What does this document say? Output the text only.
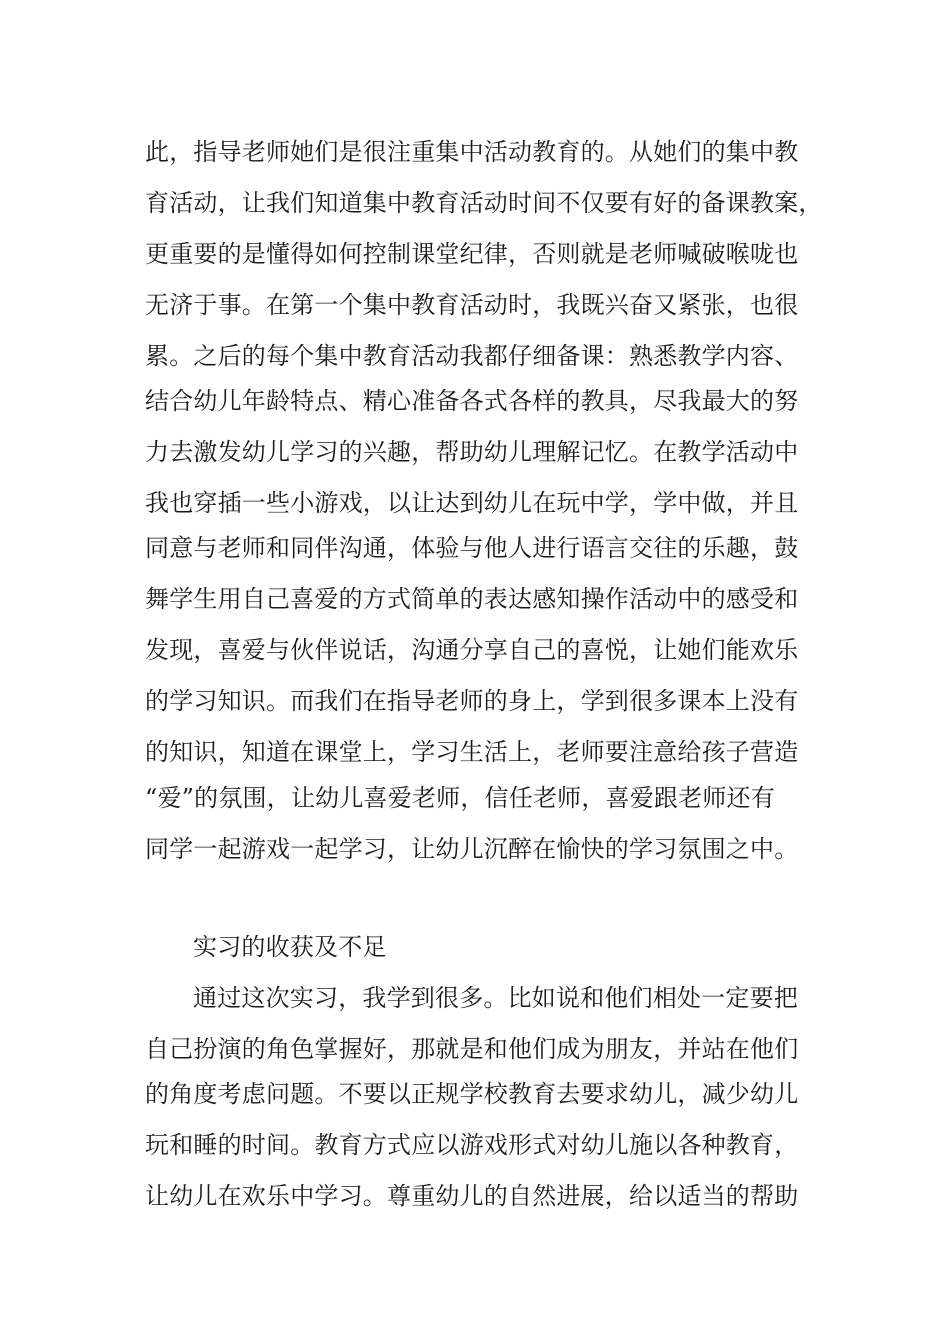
此，指导老师她们是很注重集中活动教育的。从她们的集中教
育活动，让我们知道集中教育活动时间不仅要有好的备课教案，
更重要的是懂得如何控制课堂纪律，否则就是老师喊破喉咙也
无济于事。在第一个集中教育活动时，我既兴奋又紧张，也很
累。之后的每个集中教育活动我都仔细备课：熟悉教学内容、
结合幼儿年龄特点、精心准备各式各样的教具，尽我最大的努
力去激发幼儿学习的兴趣，帮助幼儿理解记忆。在教学活动中
我也穿插一些小游戏，以让达到幼儿在玩中学，学中做，并且
同意与老师和同伴沟通，体验与他人进行语言交往的乐趣，鼓
舞学生用自己喜爱的方式简单的表达感知操作活动中的感受和
发现，喜爱与伙伴说话，沟通分享自己的喜悦，让她们能欢乐
的学习知识。而我们在指导老师的身上，学到很多课本上没有
的知识，知道在课堂上，学习生活上，老师要注意给孩子营造
“爱”的氛围，让幼儿喜爱老师，信任老师，喜爱跟老师还有
同学一起游戏一起学习，让幼儿沉醉在愉快的学习氛围之中。
实习的收获及不足
通过这次实习，我学到很多。比如说和他们相处一定要把
自己扮演的角色掌握好，那就是和他们成为朋友，并站在他们
的角度考虑问题。不要以正规学校教育去要求幼儿，减少幼儿
玩和睡的时间。教育方式应以游戏形式对幼儿施以各种教育，
让幼儿在欢乐中学习。尊重幼儿的自然进展，给以适当的帮助
